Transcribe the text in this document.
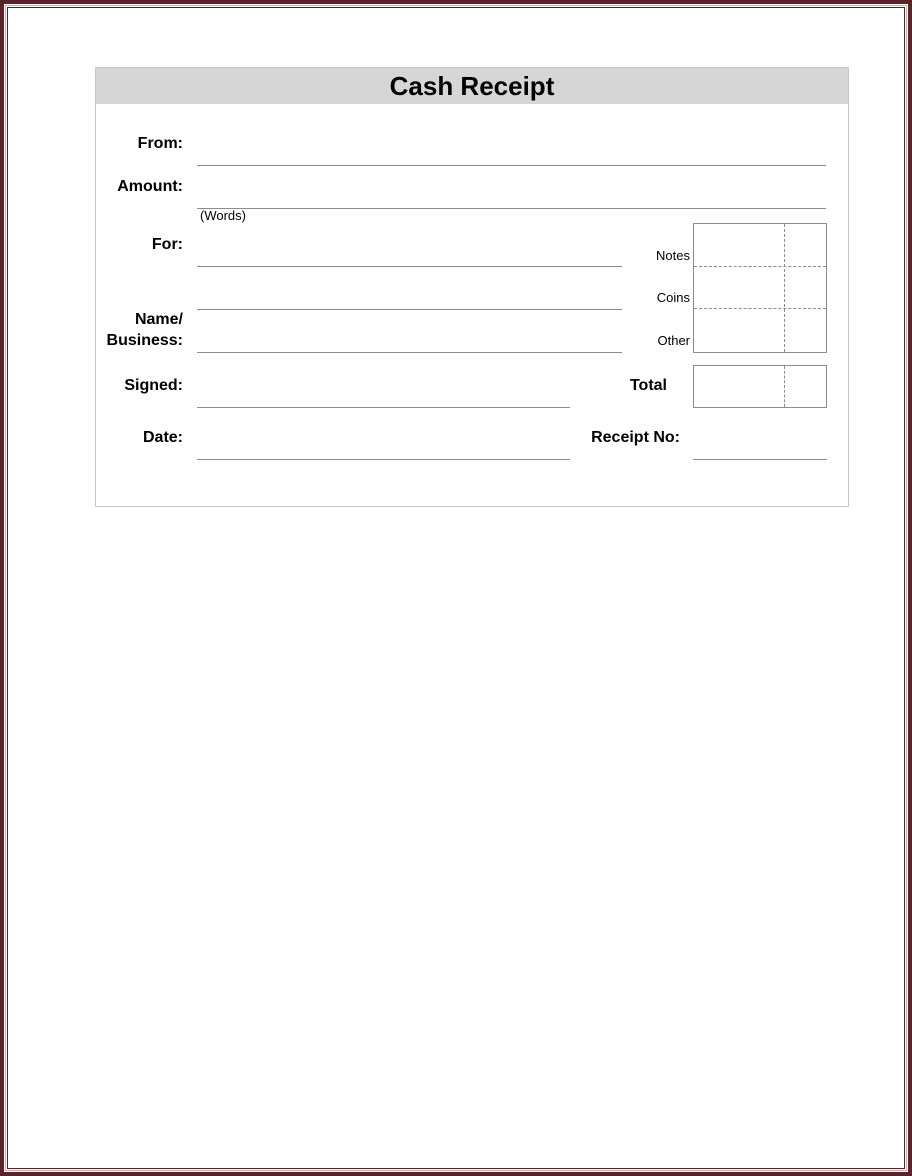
Cash Receipt
From:
Amount:
(Words)
For:
Name/
Business:
Notes
Coins
Other
Signed:	Total
Date:	Receipt No:
